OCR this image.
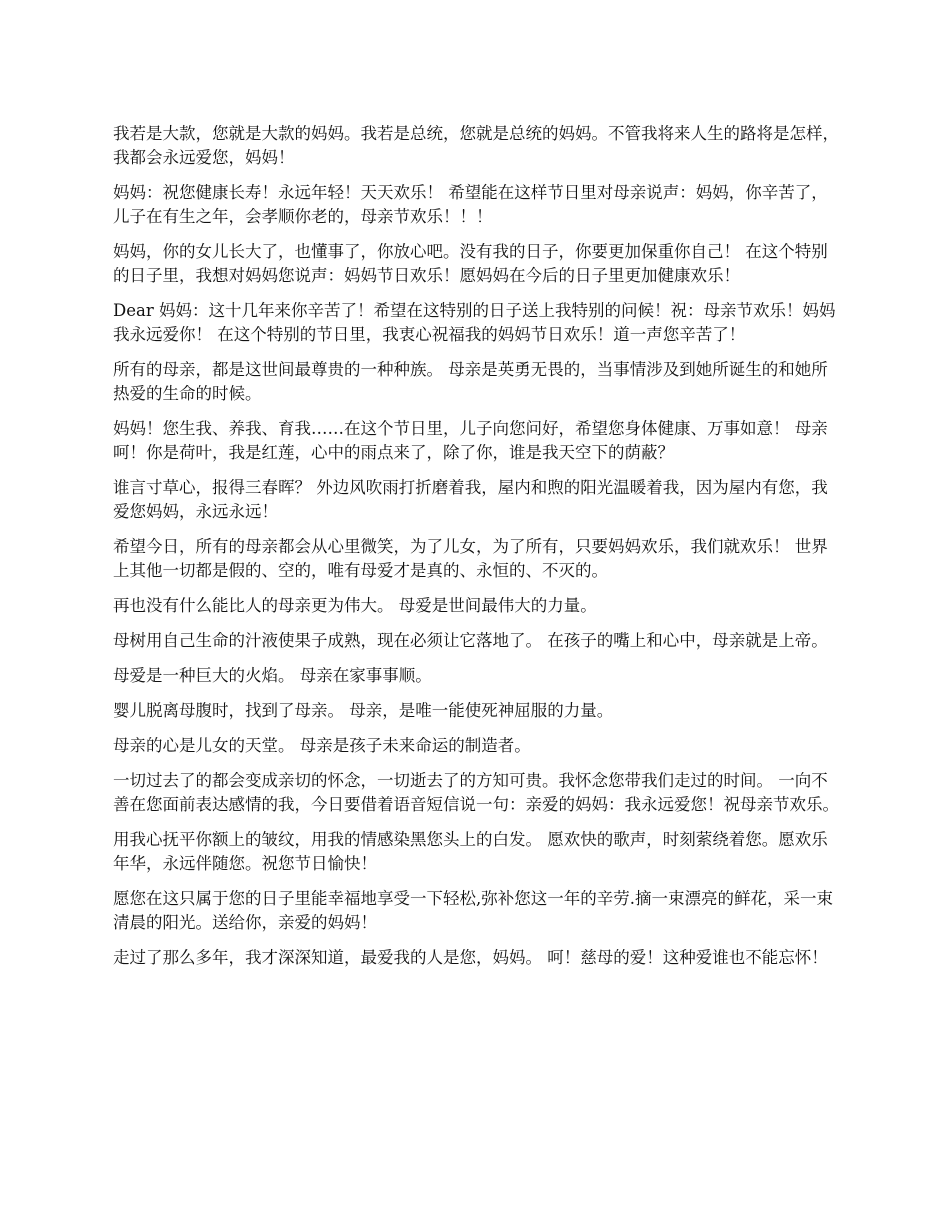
我若是大款，您就是大款的妈妈。我若是总统，您就是总统的妈妈。不管我将来人生的路将是怎样，我都会永远爱您，妈妈！

妈妈：祝您健康长寿！永远年轻！天天欢乐！ 希望能在这样节日里对母亲说声：妈妈，你辛苦了，儿子在有生之年，会孝顺你老的，母亲节欢乐！！！

妈妈，你的女儿长大了，也懂事了，你放心吧。没有我的日子，你要更加保重你自己！ 在这个特别的日子里，我想对妈妈您说声：妈妈节日欢乐！愿妈妈在今后的日子里更加健康欢乐！

Dear 妈妈：这十几年来你辛苦了！希望在这特别的日子送上我特别的问候！祝：母亲节欢乐！妈妈我永远爱你！ 在这个特别的节日里，我衷心祝福我的妈妈节日欢乐！道一声您辛苦了！

所有的母亲，都是这世间最尊贵的一种种族。 母亲是英勇无畏的，当事情涉及到她所诞生的和她所热爱的生命的时候。

妈妈！您生我、养我、育我……在这个节日里，儿子向您问好，希望您身体健康、万事如意！ 母亲呵！你是荷叶，我是红莲，心中的雨点来了，除了你，谁是我天空下的荫蔽？

谁言寸草心，报得三春晖？ 外边风吹雨打折磨着我，屋内和煦的阳光温暖着我，因为屋内有您，我爱您妈妈，永远永远！

希望今日，所有的母亲都会从心里微笑，为了儿女，为了所有，只要妈妈欢乐，我们就欢乐！ 世界上其他一切都是假的、空的，唯有母爱才是真的、永恒的、不灭的。

再也没有什么能比人的母亲更为伟大。 母爱是世间最伟大的力量。

母树用自己生命的汁液使果子成熟，现在必须让它落地了。 在孩子的嘴上和心中，母亲就是上帝。

母爱是一种巨大的火焰。 母亲在家事事顺。

婴儿脱离母腹时，找到了母亲。 母亲，是唯一能使死神屈服的力量。

母亲的心是儿女的天堂。 母亲是孩子未来命运的制造者。

一切过去了的都会变成亲切的怀念，一切逝去了的方知可贵。我怀念您带我们走过的时间。 一向不善在您面前表达感情的我，今日要借着语音短信说一句：亲爱的妈妈：我永远爱您！祝母亲节欢乐。

用我心抚平你额上的皱纹，用我的情感染黑您头上的白发。 愿欢快的歌声，时刻萦绕着您。愿欢乐年华，永远伴随您。祝您节日愉快！

愿您在这只属于您的日子里能幸福地享受一下轻松,弥补您这一年的辛劳.摘一束漂亮的鲜花，采一束清晨的阳光。送给你，亲爱的妈妈！

走过了那么多年，我才深深知道，最爱我的人是您，妈妈。 呵！慈母的爱！这种爱谁也不能忘怀！
